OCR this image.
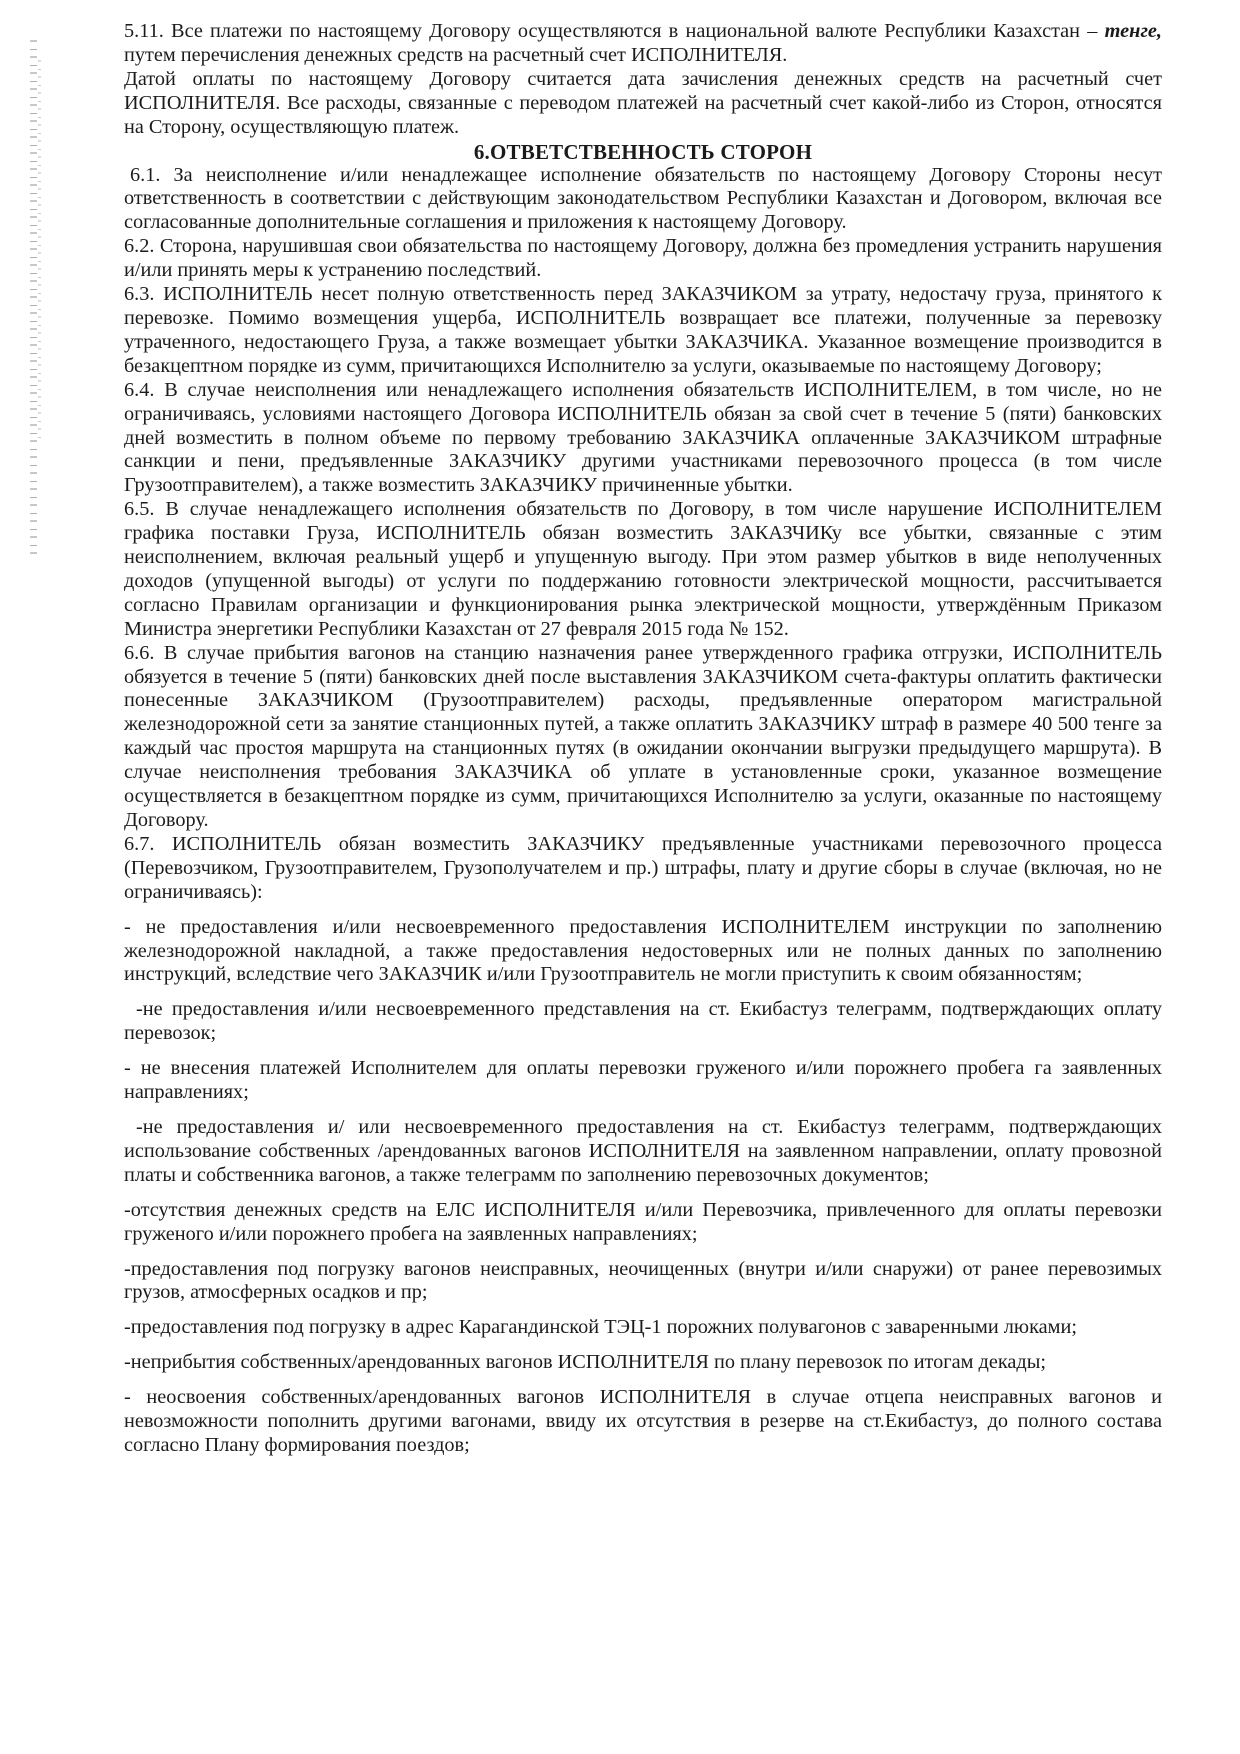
5.11. Все платежи по настоящему Договору осуществляются в национальной валюте Республики Казахстан – тенге, путем перечисления денежных средств на расчетный счет ИСПОЛНИТЕЛЯ.

Датой оплаты по настоящему Договору считается дата зачисления денежных средств на расчетный счет ИСПОЛНИТЕЛЯ. Все расходы, связанные с переводом платежей на расчетный счет какой-либо из Сторон, относятся на Сторону, осуществляющую платеж.

6.ОТВЕТСТВЕННОСТЬ СТОРОН

6.1. За неисполнение и/или ненадлежащее исполнение обязательств по настоящему Договору Стороны несут ответственность в соответствии с действующим законодательством Республики Казахстан и Договором, включая все согласованные дополнительные соглашения и приложения к настоящему Договору.

6.2. Сторона, нарушившая свои обязательства по настоящему Договору, должна без промедления устранить нарушения и/или принять меры к устранению последствий.

6.3. ИСПОЛНИТЕЛЬ несет полную ответственность перед ЗАКАЗЧИКОМ за утрату, недостачу груза, принятого к перевозке. Помимо возмещения ущерба, ИСПОЛНИТЕЛЬ возвращает все платежи, полученные за перевозку утраченного, недостающего Груза, а также возмещает убытки ЗАКАЗЧИКА. Указанное возмещение производится в безакцептном порядке из сумм, причитающихся Исполнителю за услуги, оказываемые по настоящему Договору;

6.4. В случае неисполнения или ненадлежащего исполнения обязательств ИСПОЛНИТЕЛЕМ, в том числе, но не ограничиваясь, условиями настоящего Договора ИСПОЛНИТЕЛЬ обязан за свой счет в течение 5 (пяти) банковских дней возместить в полном объеме по первому требованию ЗАКАЗЧИКА оплаченные ЗАКАЗЧИКОМ штрафные санкции и пени, предъявленные ЗАКАЗЧИКУ другими участниками перевозочного процесса (в том числе Грузоотправителем), а также возместить ЗАКАЗЧИКУ причиненные убытки.

6.5. В случае ненадлежащего исполнения обязательств по Договору, в том числе нарушение ИСПОЛНИТЕЛЕМ графика поставки Груза, ИСПОЛНИТЕЛЬ обязан возместить ЗАКАЗЧИКу все убытки, связанные с этим неисполнением, включая реальный ущерб и упущенную выгоду. При этом размер убытков в виде неполученных доходов (упущенной выгоды) от услуги по поддержанию готовности электрической мощности, рассчитывается согласно Правилам организации и функционирования рынка электрической мощности, утверждённым Приказом Министра энергетики Республики Казахстан от 27 февраля 2015 года № 152.

6.6. В случае прибытия вагонов на станцию назначения ранее утвержденного графика отгрузки, ИСПОЛНИТЕЛЬ обязуется в течение 5 (пяти) банковских дней после выставления ЗАКАЗЧИКОМ счета-фактуры оплатить фактически понесенные ЗАКАЗЧИКОМ (Грузоотправителем) расходы, предъявленные оператором магистральной железнодорожной сети за занятие станционных путей, а также оплатить ЗАКАЗЧИКУ штраф в размере 40 500 тенге за каждый час простоя маршрута на станционных путях (в ожидании окончании выгрузки предыдущего маршрута). В случае неисполнения требования ЗАКАЗЧИКА об уплате в установленные сроки, указанное возмещение осуществляется в безакцептном порядке из сумм, причитающихся Исполнителю за услуги, оказанные по настоящему Договору.

6.7. ИСПОЛНИТЕЛЬ обязан возместить ЗАКАЗЧИКУ предъявленные участниками перевозочного процесса (Перевозчиком, Грузоотправителем, Грузополучателем и пр.) штрафы, плату и другие сборы в случае (включая, но не ограничиваясь):

- не предоставления и/или несвоевременного предоставления ИСПОЛНИТЕЛЕМ инструкции по заполнению железнодорожной накладной, а также предоставления недостоверных или не полных данных по заполнению инструкций, вследствие чего ЗАКАЗЧИК и/или Грузоотправитель не могли приступить к своим обязанностям;

-не предоставления и/или несвоевременного представления на ст. Екибастуз телеграмм, подтверждающих оплату перевозок;

- не внесения платежей Исполнителем для оплаты перевозки груженого и/или порожнего пробега га заявленных направлениях;

-не предоставления и/ или несвоевременного предоставления на ст. Екибастуз телеграмм, подтверждающих использование собственных /арендованных вагонов ИСПОЛНИТЕЛЯ на заявленном направлении, оплату провозной платы и собственника вагонов, а также телеграмм по заполнению перевозочных документов;

-отсутствия денежных средств на ЕЛС ИСПОЛНИТЕЛЯ и/или Перевозчика, привлеченного для оплаты перевозки груженого и/или порожнего пробега на заявленных направлениях;

-предоставления под погрузку вагонов неисправных, неочищенных (внутри и/или снаружи) от ранее перевозимых грузов, атмосферных осадков и пр;

-предоставления под погрузку в адрес Карагандинской ТЭЦ-1 порожних полувагонов с заваренными люками;

-неприбытия собственных/арендованных вагонов ИСПОЛНИТЕЛЯ по плану перевозок по итогам декады;

- неосвоения собственных/арендованных вагонов ИСПОЛНИТЕЛЯ в случае отцепа неисправных вагонов и невозможности пополнить другими вагонами, ввиду их отсутствия в резерве на ст.Екибастуз, до полного состава согласно Плану формирования поездов;
